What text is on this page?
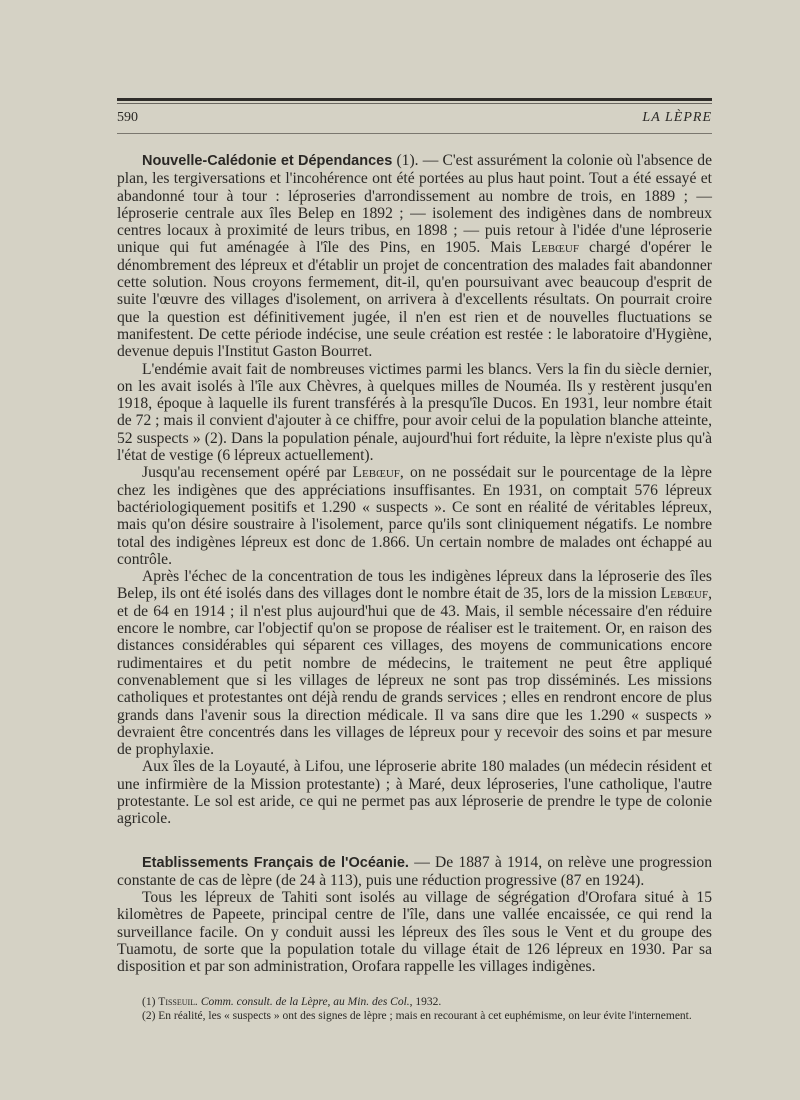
590	LA LÈPRE

Nouvelle-Calédonie et Dépendances (1). — C'est assurément la colonie où l'absence de plan, les tergiversations et l'incohérence ont été portées au plus haut point. Tout a été essayé et abandonné tour à tour : léproseries d'arrondissement au nombre de trois, en 1889 ; — léproserie centrale aux îles Belep en 1892 ; — isolement des indigènes dans de nombreux centres locaux à proximité de leurs tribus, en 1898 ; — puis retour à l'idée d'une léproserie unique qui fut aménagée à l'île des Pins, en 1905. Mais Lebœuf chargé d'opérer le dénombrement des lépreux et d'établir un projet de concentration des malades fait abandonner cette solution. Nous croyons fermement, dit-il, qu'en poursuivant avec beaucoup d'esprit de suite l'œuvre des villages d'isolement, on arrivera à d'excellents résultats. On pourrait croire que la question est définitivement jugée, il n'en est rien et de nouvelles fluctuations se manifestent. De cette période indécise, une seule création est restée : le laboratoire d'Hygiène, devenue depuis l'Institut Gaston Bourret.

L'endémie avait fait de nombreuses victimes parmi les blancs. Vers la fin du siècle dernier, on les avait isolés à l'île aux Chèvres, à quelques milles de Nouméa. Ils y restèrent jusqu'en 1918, époque à laquelle ils furent transférés à la presqu'île Ducos. En 1931, leur nombre était de 72 ; mais il convient d'ajouter à ce chiffre, pour avoir celui de la population blanche atteinte, 52 suspects » (2). Dans la population pénale, aujourd'hui fort réduite, la lèpre n'existe plus qu'à l'état de vestige (6 lépreux actuellement).

Jusqu'au recensement opéré par Lebœuf, on ne possédait sur le pourcentage de la lèpre chez les indigènes que des appréciations insuffisantes. En 1931, on comptait 576 lépreux bactériologiquement positifs et 1.290 « suspects ». Ce sont en réalité de véritables lépreux, mais qu'on désire soustraire à l'isolement, parce qu'ils sont cliniquement négatifs. Le nombre total des indigènes lépreux est donc de 1.866. Un certain nombre de malades ont échappé au contrôle.

Après l'échec de la concentration de tous les indigènes lépreux dans la léproserie des îles Belep, ils ont été isolés dans des villages dont le nombre était de 35, lors de la mission Lebœuf, et de 64 en 1914 ; il n'est plus aujourd'hui que de 43. Mais, il semble nécessaire d'en réduire encore le nombre, car l'objectif qu'on se propose de réaliser est le traitement. Or, en raison des distances considérables qui séparent ces villages, des moyens de communications encore rudimentaires et du petit nombre de médecins, le traitement ne peut être appliqué convenablement que si les villages de lépreux ne sont pas trop disséminés. Les missions catholiques et protestantes ont déjà rendu de grands services ; elles en rendront encore de plus grands dans l'avenir sous la direction médicale. Il va sans dire que les 1.290 « suspects » devraient être concentrés dans les villages de lépreux pour y recevoir des soins et par mesure de prophylaxie.

Aux îles de la Loyauté, à Lifou, une léproserie abrite 180 malades (un médecin résident et une infirmière de la Mission protestante) ; à Maré, deux léproseries, l'une catholique, l'autre protestante. Le sol est aride, ce qui ne permet pas aux léproserie de prendre le type de colonie agricole.

Etablissements Français de l'Océanie. — De 1887 à 1914, on relève une progression constante de cas de lèpre (de 24 à 113), puis une réduction progressive (87 en 1924).

Tous les lépreux de Tahiti sont isolés au village de ségrégation d'Orofara situé à 15 kilomètres de Papeete, principal centre de l'île, dans une vallée encaissée, ce qui rend la surveillance facile. On y conduit aussi les lépreux des îles sous le Vent et du groupe des Tuamotu, de sorte que la population totale du village était de 126 lépreux en 1930. Par sa disposition et par son administration, Orofara rappelle les villages indigènes.

(1) Tisseuil. Comm. consult. de la Lèpre, au Min. des Col., 1932.

(2) En réalité, les « suspects » ont des signes de lèpre ; mais en recourant à cet euphémisme, on leur évite l'internement.
